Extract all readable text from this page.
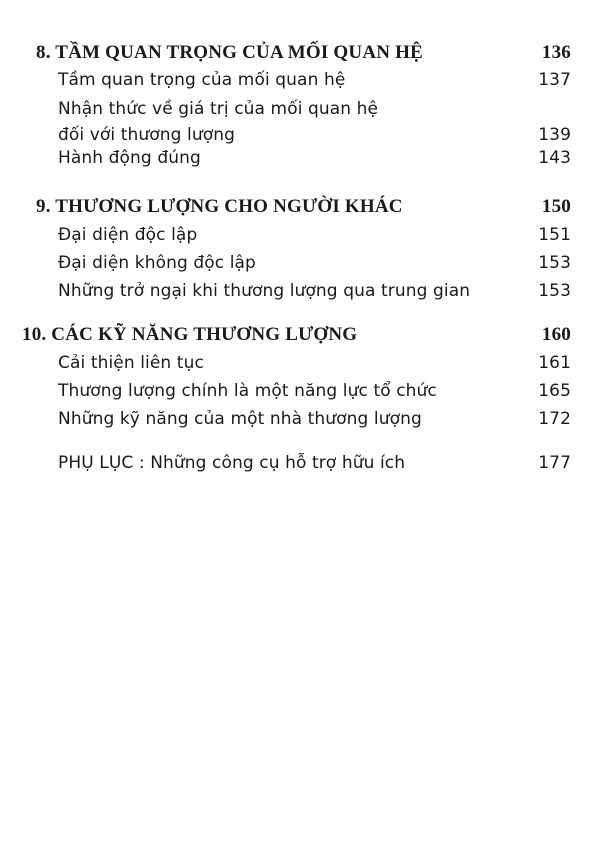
8. TẦM QUAN TRỌNG CỦA MỐI QUAN HỆ	136
Tầm quan trọng của mối quan hệ	137
Nhận thức về giá trị của mối quan hệ
đối với thương lượng	139
Hành động đúng	143
9. THƯƠNG LƯỢNG CHO NGƯỜI KHÁC	150
Đại diện độc lập	151
Đại diện không độc lập	153
Những trở ngại khi thương lượng qua trung gian	153
10. CÁC KỸ NĂNG THƯƠNG LƯỢNG	160
Cải thiện liên tục	161
Thương lượng chính là một năng lực tổ chức	165
Những kỹ năng của một nhà thương lượng	172
PHỤ LỤC : Những công cụ hỗ trợ hữu ích	177
